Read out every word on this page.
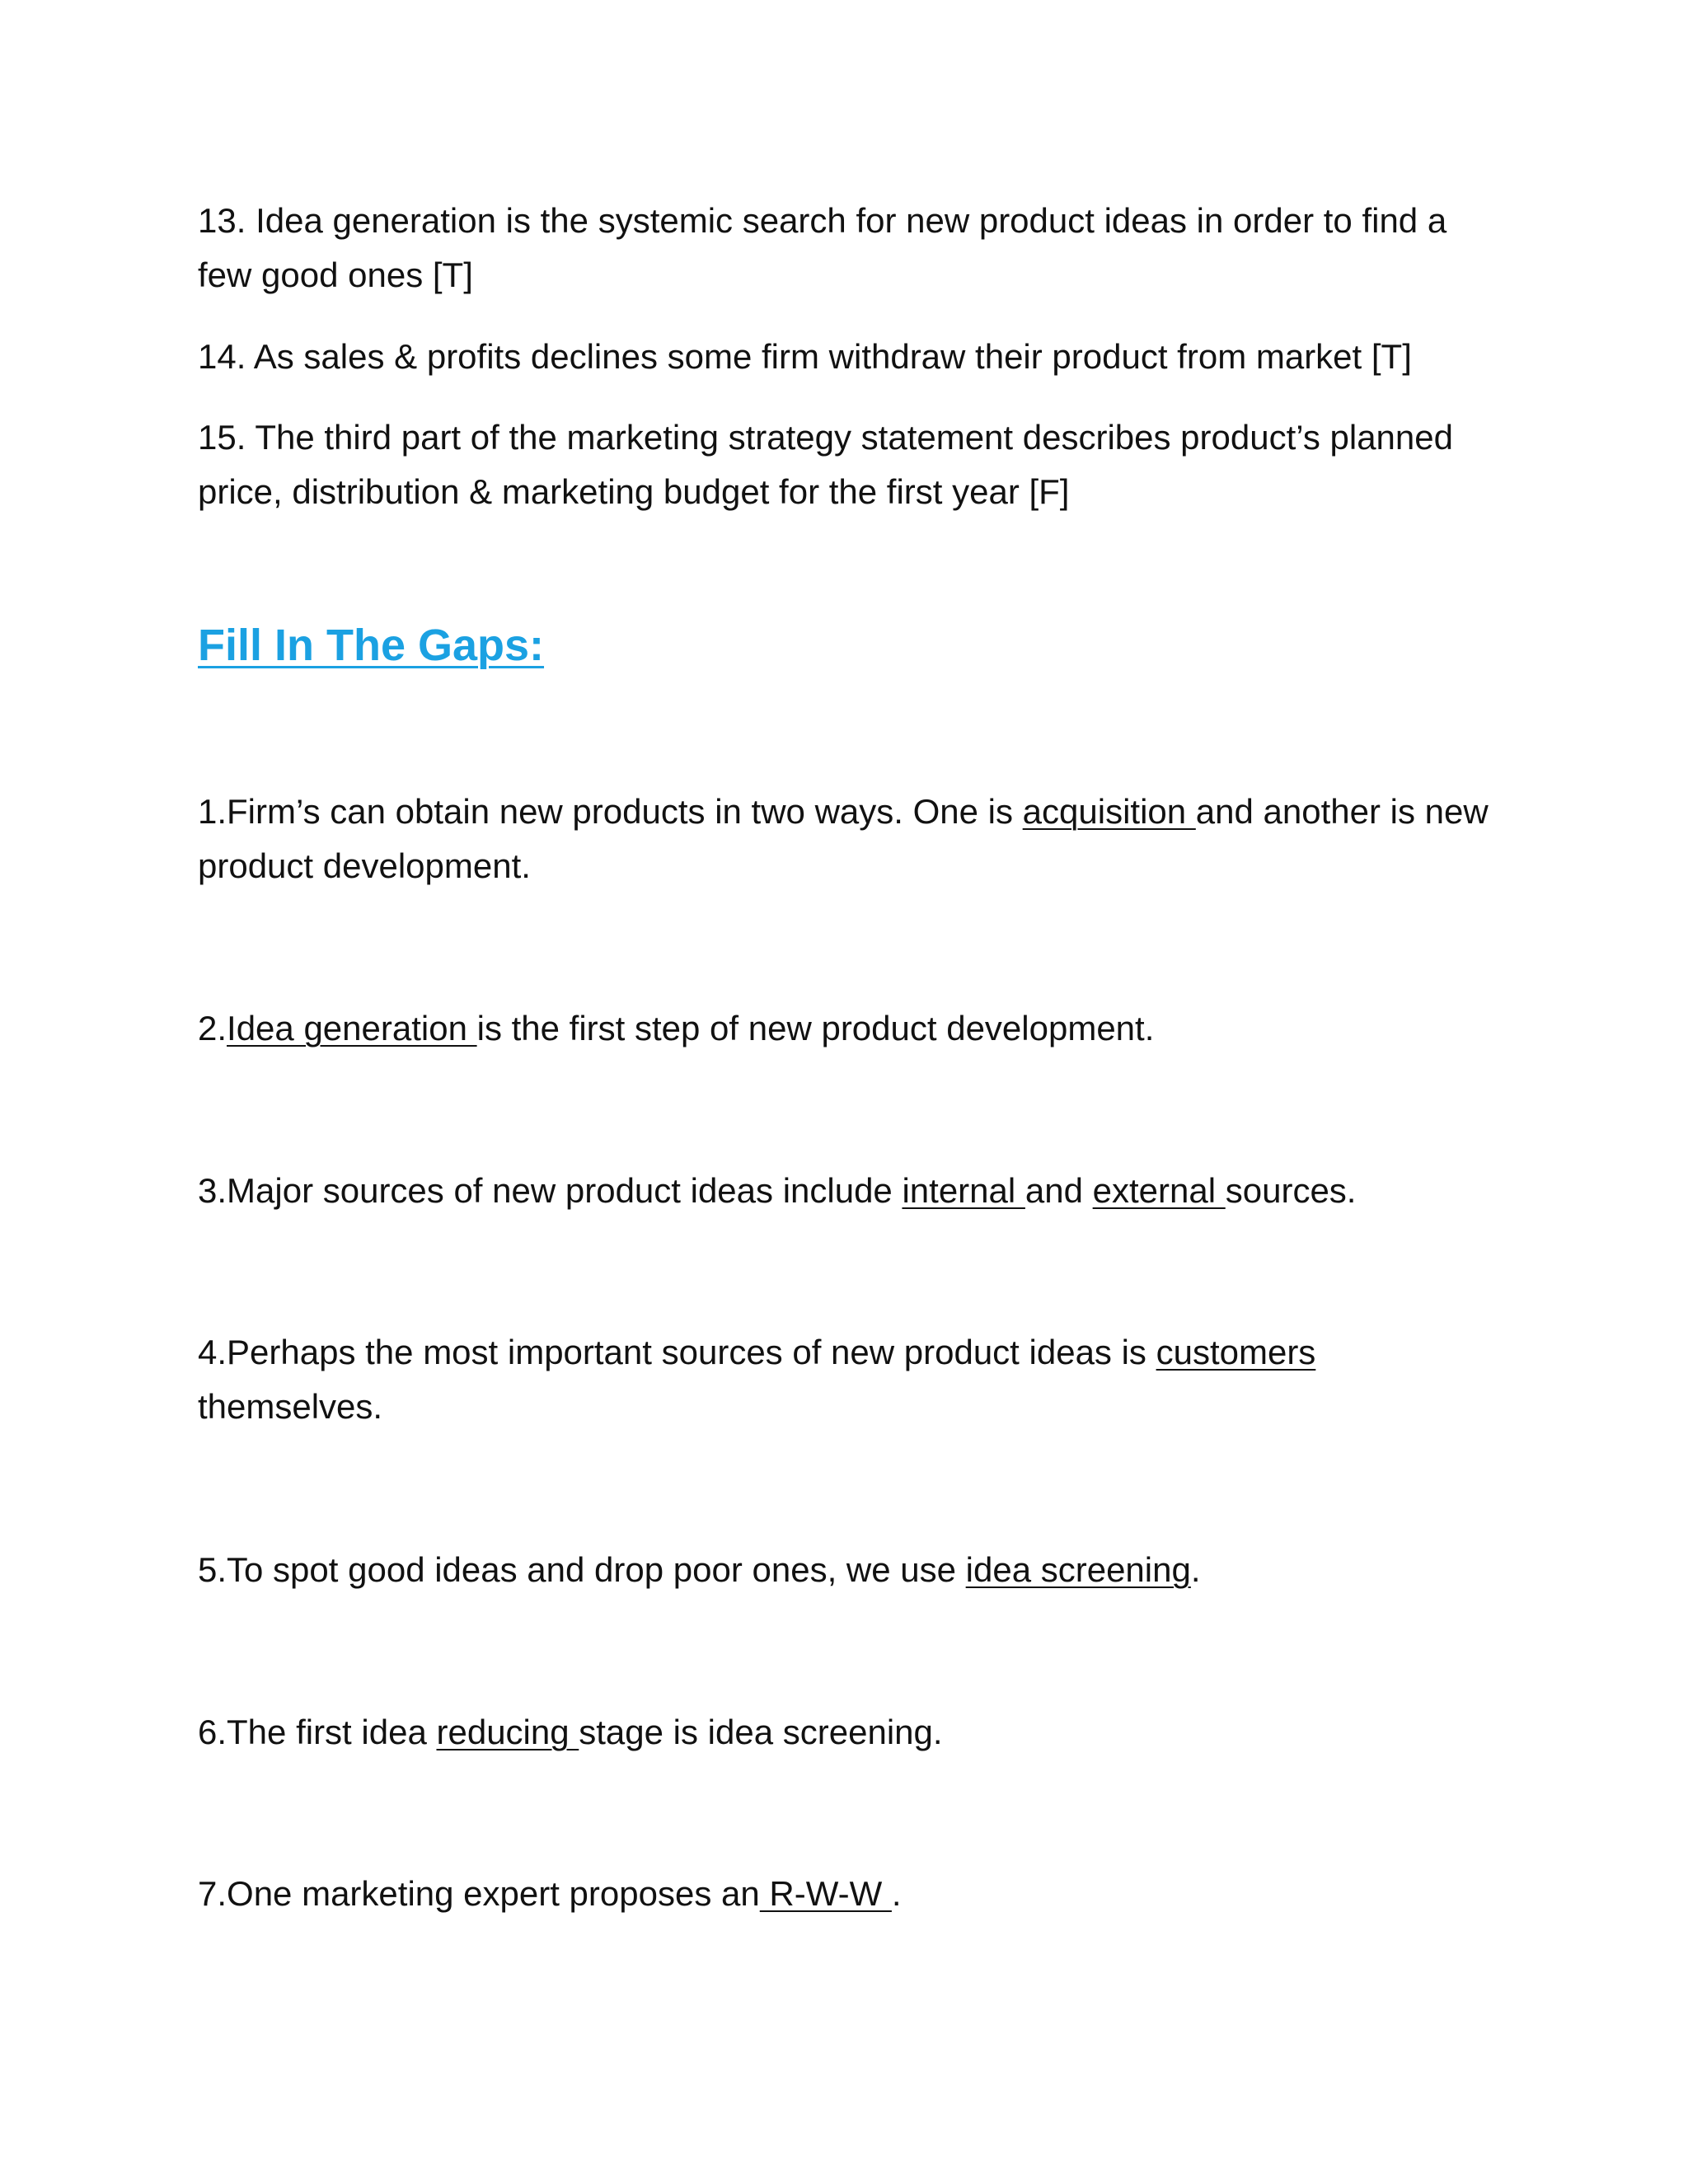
13. Idea generation is the systemic search for new product ideas in order to find a few good ones [T]

14. As sales & profits declines some firm withdraw their product from market [T]

15. The third part of the marketing strategy statement describes product’s planned price, distribution & marketing budget for the first year [F]

Fill In The Gaps:

1.Firm’s can obtain new products in two ways. One is acquisition and another is new product development.

2.Idea generation is the first step of new product development.

3.Major sources of new product ideas include internal and external sources.

4.Perhaps the most important sources of new product ideas is customers themselves.

5.To spot good ideas and drop poor ones, we use idea screening.

6.The first idea reducing stage is idea screening.

7.One marketing expert proposes an R-W-W .
